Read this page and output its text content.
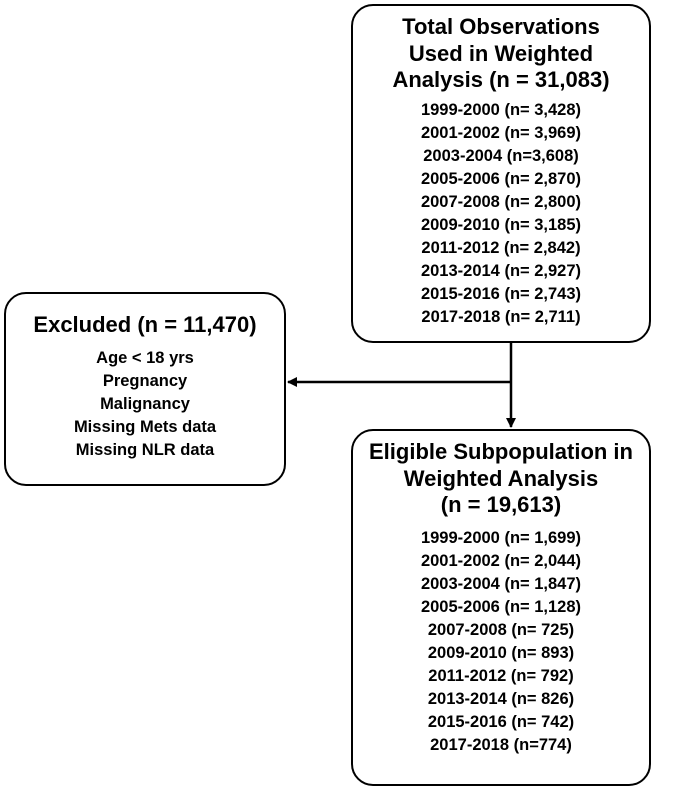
Total Observations
Used in Weighted
Analysis (n = 31,083)
1999-2000 (n= 3,428)
2001-2002 (n= 3,969)
2003-2004 (n=3,608)
2005-2006 (n= 2,870)
2007-2008 (n= 2,800)
2009-2010 (n= 3,185)
2011-2012 (n= 2,842)
2013-2014 (n= 2,927)
2015-2016 (n= 2,743)
2017-2018 (n= 2,711)
Excluded (n = 11,470)
Age < 18 yrs
Pregnancy
Malignancy
Missing Mets data
Missing NLR data	Eligible Subpopulation in
Weighted Analysis
(n = 19,613)
1999-2000 (n= 1,699)
2001-2002 (n= 2,044)
2003-2004 (n= 1,847)
2005-2006 (n= 1,128)
2007-2008 (n= 725)
2009-2010 (n= 893)
2011-2012 (n= 792)
2013-2014 (n= 826)
2015-2016 (n= 742)
2017-2018 (n=774)
